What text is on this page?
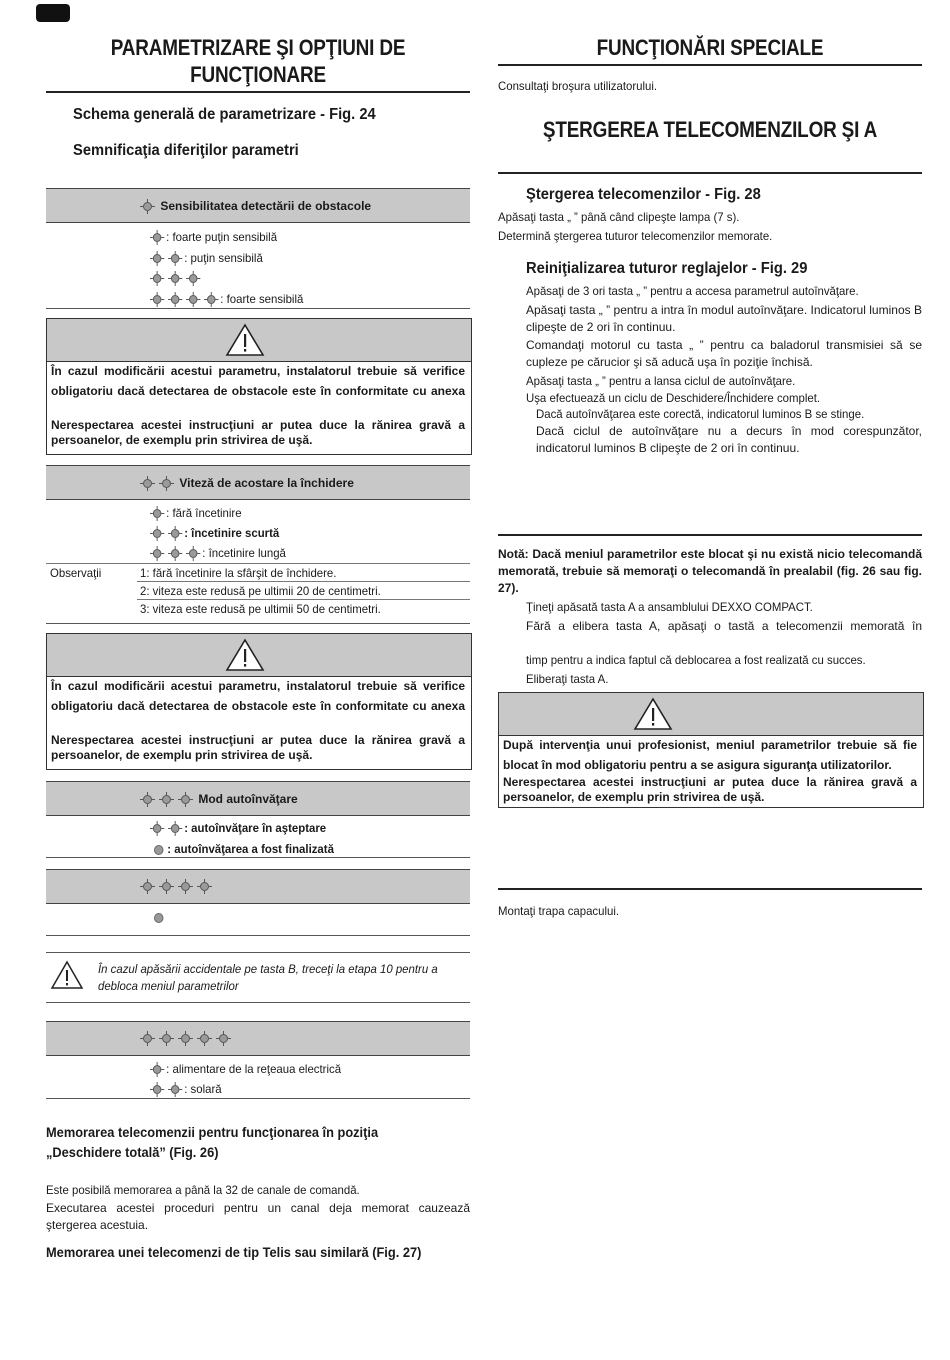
PARAMETRIZARE ŞI OPŢIUNI DE
FUNCŢIONARE
Schema generală de parametrizare - Fig. 24
Semnificaţia diferiţilor parametri
Sensibilitatea detectării de obstacole
: foarte puţin sensibilă
: puţin sensibilă
: foarte sensibilă
În cazul modificării acestui parametru, instalatorul trebuie să verifice
obligatoriu dacă detectarea de obstacole este în conformitate cu anexa
Nerespectarea acestei instrucţiuni ar putea duce la rănirea gravă a
persoanelor, de exemplu prin strivirea de uşă.
Viteză de acostare la închidere
: fără încetinire
: încetinire scurtă
: încetinire lungă
Observaţii	1: fără încetinire la sfârşit de închidere.
2: viteza este redusă pe ultimii 20 de centimetri.
3: viteza este redusă pe ultimii 50 de centimetri.
În cazul modificării acestui parametru, instalatorul trebuie să verifice
obligatoriu dacă detectarea de obstacole este în conformitate cu anexa
Nerespectarea acestei instrucţiuni ar putea duce la rănirea gravă a
persoanelor, de exemplu prin strivirea de uşă.
Mod autoînvăţare
: autoînvăţare în aşteptare
: autoînvăţarea a fost finalizată
În cazul apăsării accidentale pe tasta B, treceţi la etapa 10 pentru a
debloca meniul parametrilor
: alimentare de la reţeaua electrică
: solară
Memorarea telecomenzii pentru funcţionarea în poziţia
„Deschidere totală” (Fig. 26)
Este posibilă memorarea a până la 32 de canale de comandă.
Executarea acestei proceduri pentru un canal deja memorat cauzează ştergerea acestuia.
Memorarea unei telecomenzi de tip Telis sau similară (Fig. 27)
FUNCŢIONĂRI SPECIALE
Consultaţi broşura utilizatorului.
ŞTERGEREA TELECOMENZILOR ŞI A
Ştergerea telecomenzilor - Fig. 28
Apăsaţi tasta „ ” până când clipeşte lampa (7 s).
Determină ştergerea tuturor telecomenzilor memorate.
Reiniţializarea tuturor reglajelor - Fig. 29
Apăsaţi de 3 ori tasta „ ” pentru a accesa parametrul autoînvăţare.
Apăsaţi tasta „ ” pentru a intra în modul autoînvăţare. Indicatorul luminos B clipeşte de 2 ori în continuu.
Comandaţi motorul cu tasta „ ” pentru ca baladorul transmisiei să se cupleze pe cărucior şi să aducă uşa în poziţie închisă.
Apăsaţi tasta „ ” pentru a lansa ciclul de autoînvăţare.
Uşa efectuează un ciclu de Deschidere/Închidere complet.
Dacă autoînvăţarea este corectă, indicatorul luminos B se stinge.
Dacă ciclul de autoînvăţare nu a decurs în mod corespunzător, indicatorul luminos B clipeşte de 2 ori în continuu.
Notă: Dacă meniul parametrilor este blocat şi nu există nicio telecomandă memorată, trebuie să memoraţi o telecomandă în prealabil (fig. 26 sau fig. 27).
Ţineţi apăsată tasta A a ansamblului DEXXO COMPACT.
Fără a elibera tasta A, apăsaţi o tastă a telecomenzii memorată în
timp pentru a indica faptul că deblocarea a fost realizată cu succes.
Eliberaţi tasta A.
După intervenţia unui profesionist, meniul parametrilor trebuie să fie
blocat în mod obligatoriu pentru a se asigura siguranţa utilizatorilor.
Nerespectarea acestei instrucţiuni ar putea duce la rănirea gravă a
persoanelor, de exemplu prin strivirea de uşă.
Montaţi trapa capacului.
